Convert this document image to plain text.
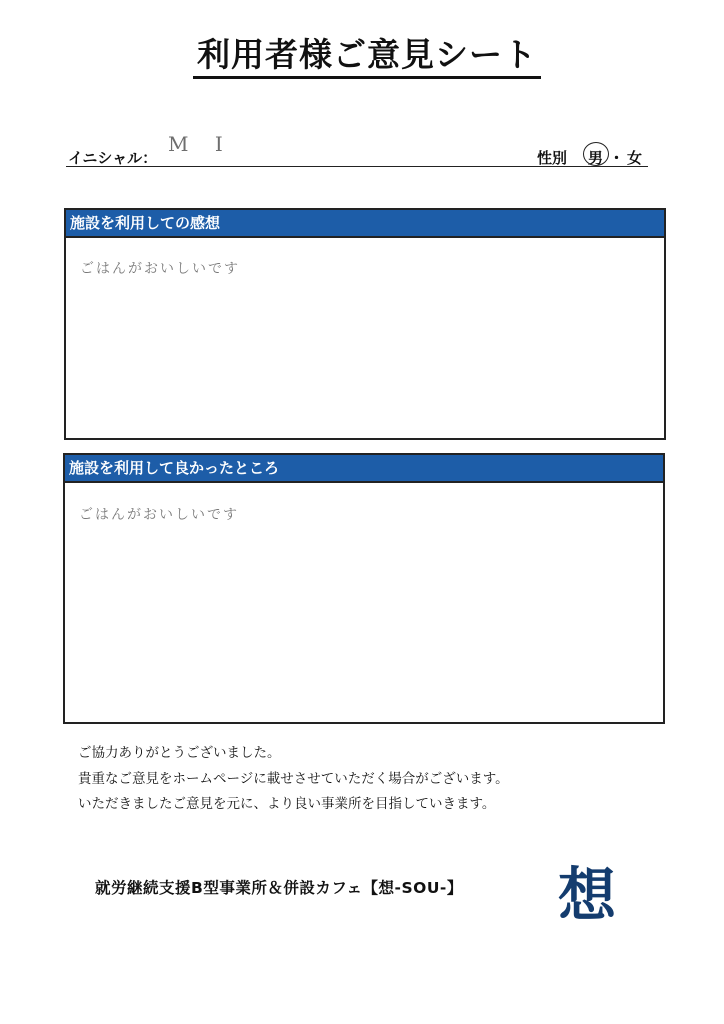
利用者様ご意見シート
イニシャル：
M I
性別 男 ・ 女
施設を利用しての感想
ごはんがおいしいです
施設を利用して良かったところ
ごはんがおいしいです
ご協力ありがとうございました。
貴重なご意見をホームページに載せさせていただく場合がございます。
いただきましたご意見を元に、より良い事業所を目指していきます。
就労継続支援B型事業所＆併設カフェ【想-SOU-】 想
